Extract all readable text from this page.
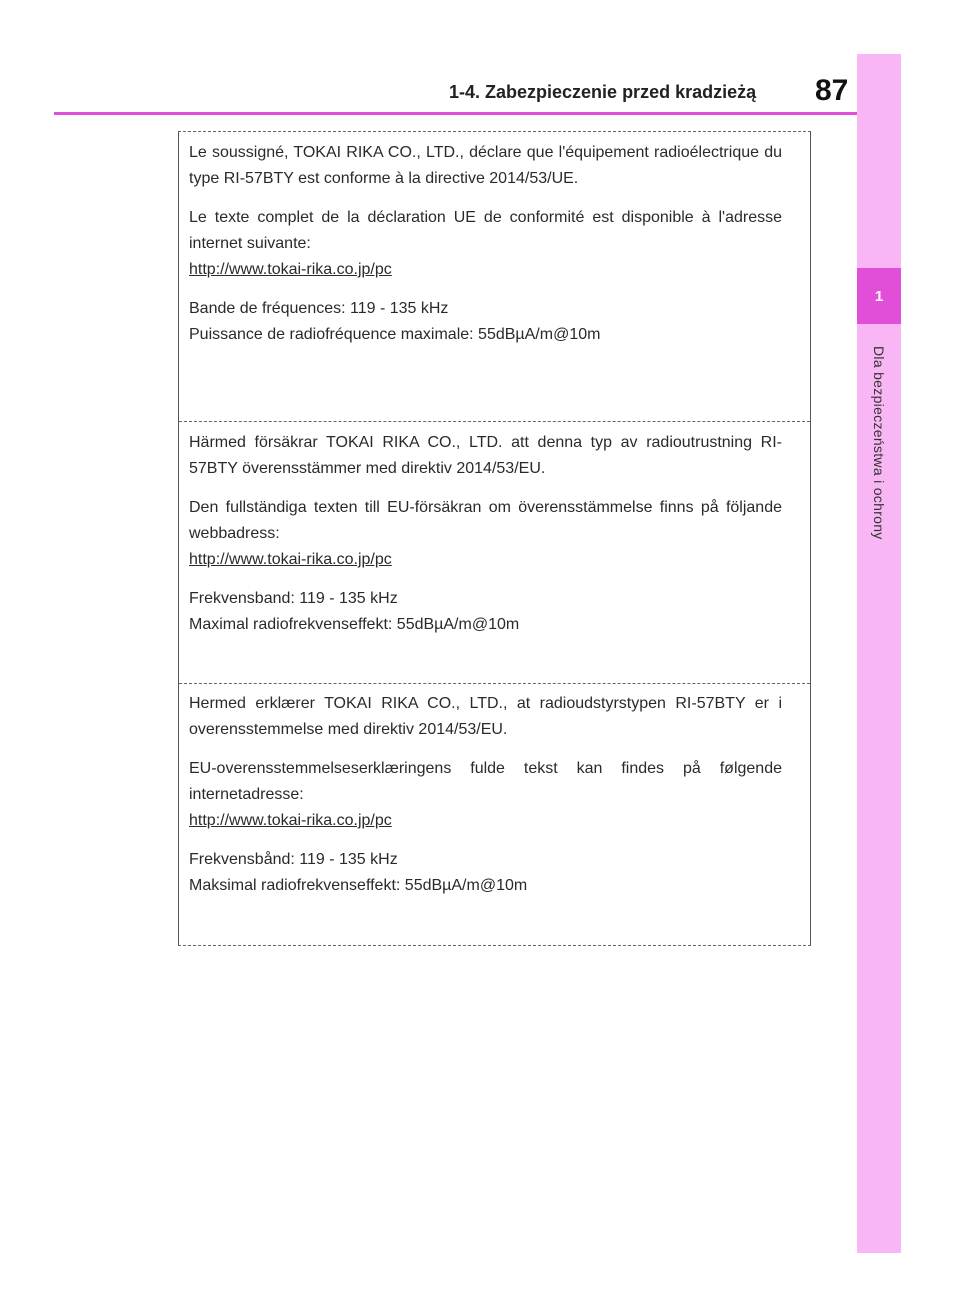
1
Dla bezpieczeństwa i ochrony
1-4. Zabezpieczenie przed kradzieżą 87

Le soussigné, TOKAI RIKA CO., LTD., déclare que l'équipement radioélectrique du type RI-57BTY est conforme à la directive 2014/53/UE.

Le texte complet de la déclaration UE de conformité est disponible à l'adresse internet suivante:
http://www.tokai-rika.co.jp/pc

Bande de fréquences: 119 - 135 kHz
Puissance de radiofréquence maximale: 55dBµA/m@10m

Härmed försäkrar TOKAI RIKA CO., LTD. att denna typ av radioutrustning RI-57BTY överensstämmer med direktiv 2014/53/EU.

Den fullständiga texten till EU-försäkran om överensstämmelse finns på följande webbadress:
http://www.tokai-rika.co.jp/pc

Frekvensband: 119 - 135 kHz
Maximal radiofrekvenseffekt: 55dBµA/m@10m

Hermed erklærer TOKAI RIKA CO., LTD., at radioudstyrstypen RI-57BTY er i overensstemmelse med direktiv 2014/53/EU.

EU-overensstemmelseserklæringens fulde tekst kan findes på følgende internetadresse:
http://www.tokai-rika.co.jp/pc

Frekvensbånd: 119 - 135 kHz
Maksimal radiofrekvenseffekt: 55dBµA/m@10m
